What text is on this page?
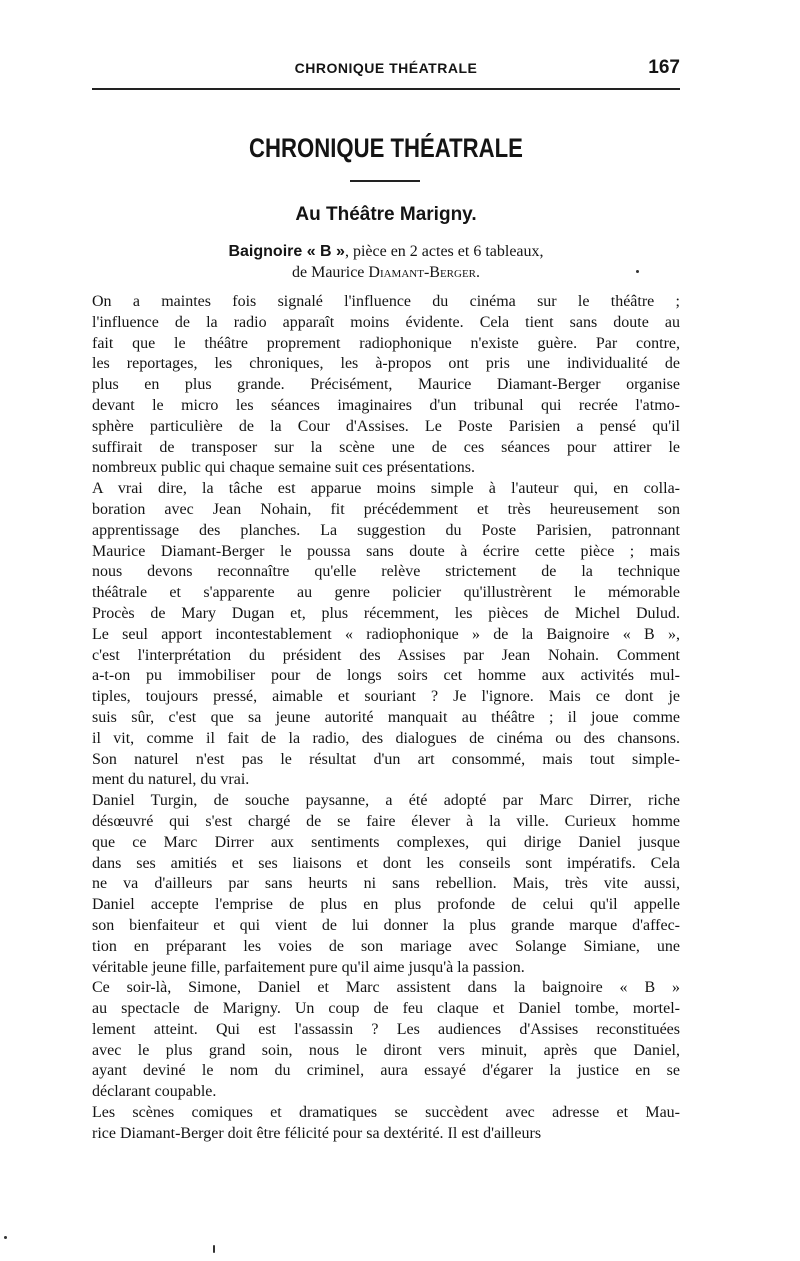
CHRONIQUE THÉATRALE	167
CHRONIQUE THÉATRALE
Au Théâtre Marigny.
Baignoire « B », pièce en 2 actes et 6 tableaux,
de Maurice Diamant-Berger.
On a maintes fois signalé l'influence du cinéma sur le théâtre ;
l'influence de la radio apparaît moins évidente. Cela tient sans doute au
fait que le théâtre proprement radiophonique n'existe guère. Par contre,
les reportages, les chroniques, les à-propos ont pris une individualité de
plus en plus grande. Précisément, Maurice Diamant-Berger organise
devant le micro les séances imaginaires d'un tribunal qui recrée l'atmo-
sphère particulière de la Cour d'Assises. Le Poste Parisien a pensé qu'il
suffirait de transposer sur la scène une de ces séances pour attirer le
nombreux public qui chaque semaine suit ces présentations.
A vrai dire, la tâche est apparue moins simple à l'auteur qui, en colla-
boration avec Jean Nohain, fit précédemment et très heureusement son
apprentissage des planches. La suggestion du Poste Parisien, patronnant
Maurice Diamant-Berger le poussa sans doute à écrire cette pièce ; mais
nous devons reconnaître qu'elle relève strictement de la technique
théâtrale et s'apparente au genre policier qu'illustrèrent le mémorable
Procès de Mary Dugan et, plus récemment, les pièces de Michel Dulud.
Le seul apport incontestablement « radiophonique » de la Baignoire « B »,
c'est l'interprétation du président des Assises par Jean Nohain. Comment
a-t-on pu immobiliser pour de longs soirs cet homme aux activités mul-
tiples, toujours pressé, aimable et souriant ? Je l'ignore. Mais ce dont je
suis sûr, c'est que sa jeune autorité manquait au théâtre ; il joue comme
il vit, comme il fait de la radio, des dialogues de cinéma ou des chansons.
Son naturel n'est pas le résultat d'un art consommé, mais tout simple-
ment du naturel, du vrai.
Daniel Turgin, de souche paysanne, a été adopté par Marc Dirrer, riche
désœuvré qui s'est chargé de se faire élever à la ville. Curieux homme
que ce Marc Dirrer aux sentiments complexes, qui dirige Daniel jusque
dans ses amitiés et ses liaisons et dont les conseils sont impératifs. Cela
ne va d'ailleurs par sans heurts ni sans rebellion. Mais, très vite aussi,
Daniel accepte l'emprise de plus en plus profonde de celui qu'il appelle
son bienfaiteur et qui vient de lui donner la plus grande marque d'affec-
tion en préparant les voies de son mariage avec Solange Simiane, une
véritable jeune fille, parfaitement pure qu'il aime jusqu'à la passion.
Ce soir-là, Simone, Daniel et Marc assistent dans la baignoire « B »
au spectacle de Marigny. Un coup de feu claque et Daniel tombe, mortel-
lement atteint. Qui est l'assassin ? Les audiences d'Assises reconstituées
avec le plus grand soin, nous le diront vers minuit, après que Daniel,
ayant deviné le nom du criminel, aura essayé d'égarer la justice en se
déclarant coupable.
Les scènes comiques et dramatiques se succèdent avec adresse et Mau-
rice Diamant-Berger doit être félicité pour sa dextérité. Il est d'ailleurs
